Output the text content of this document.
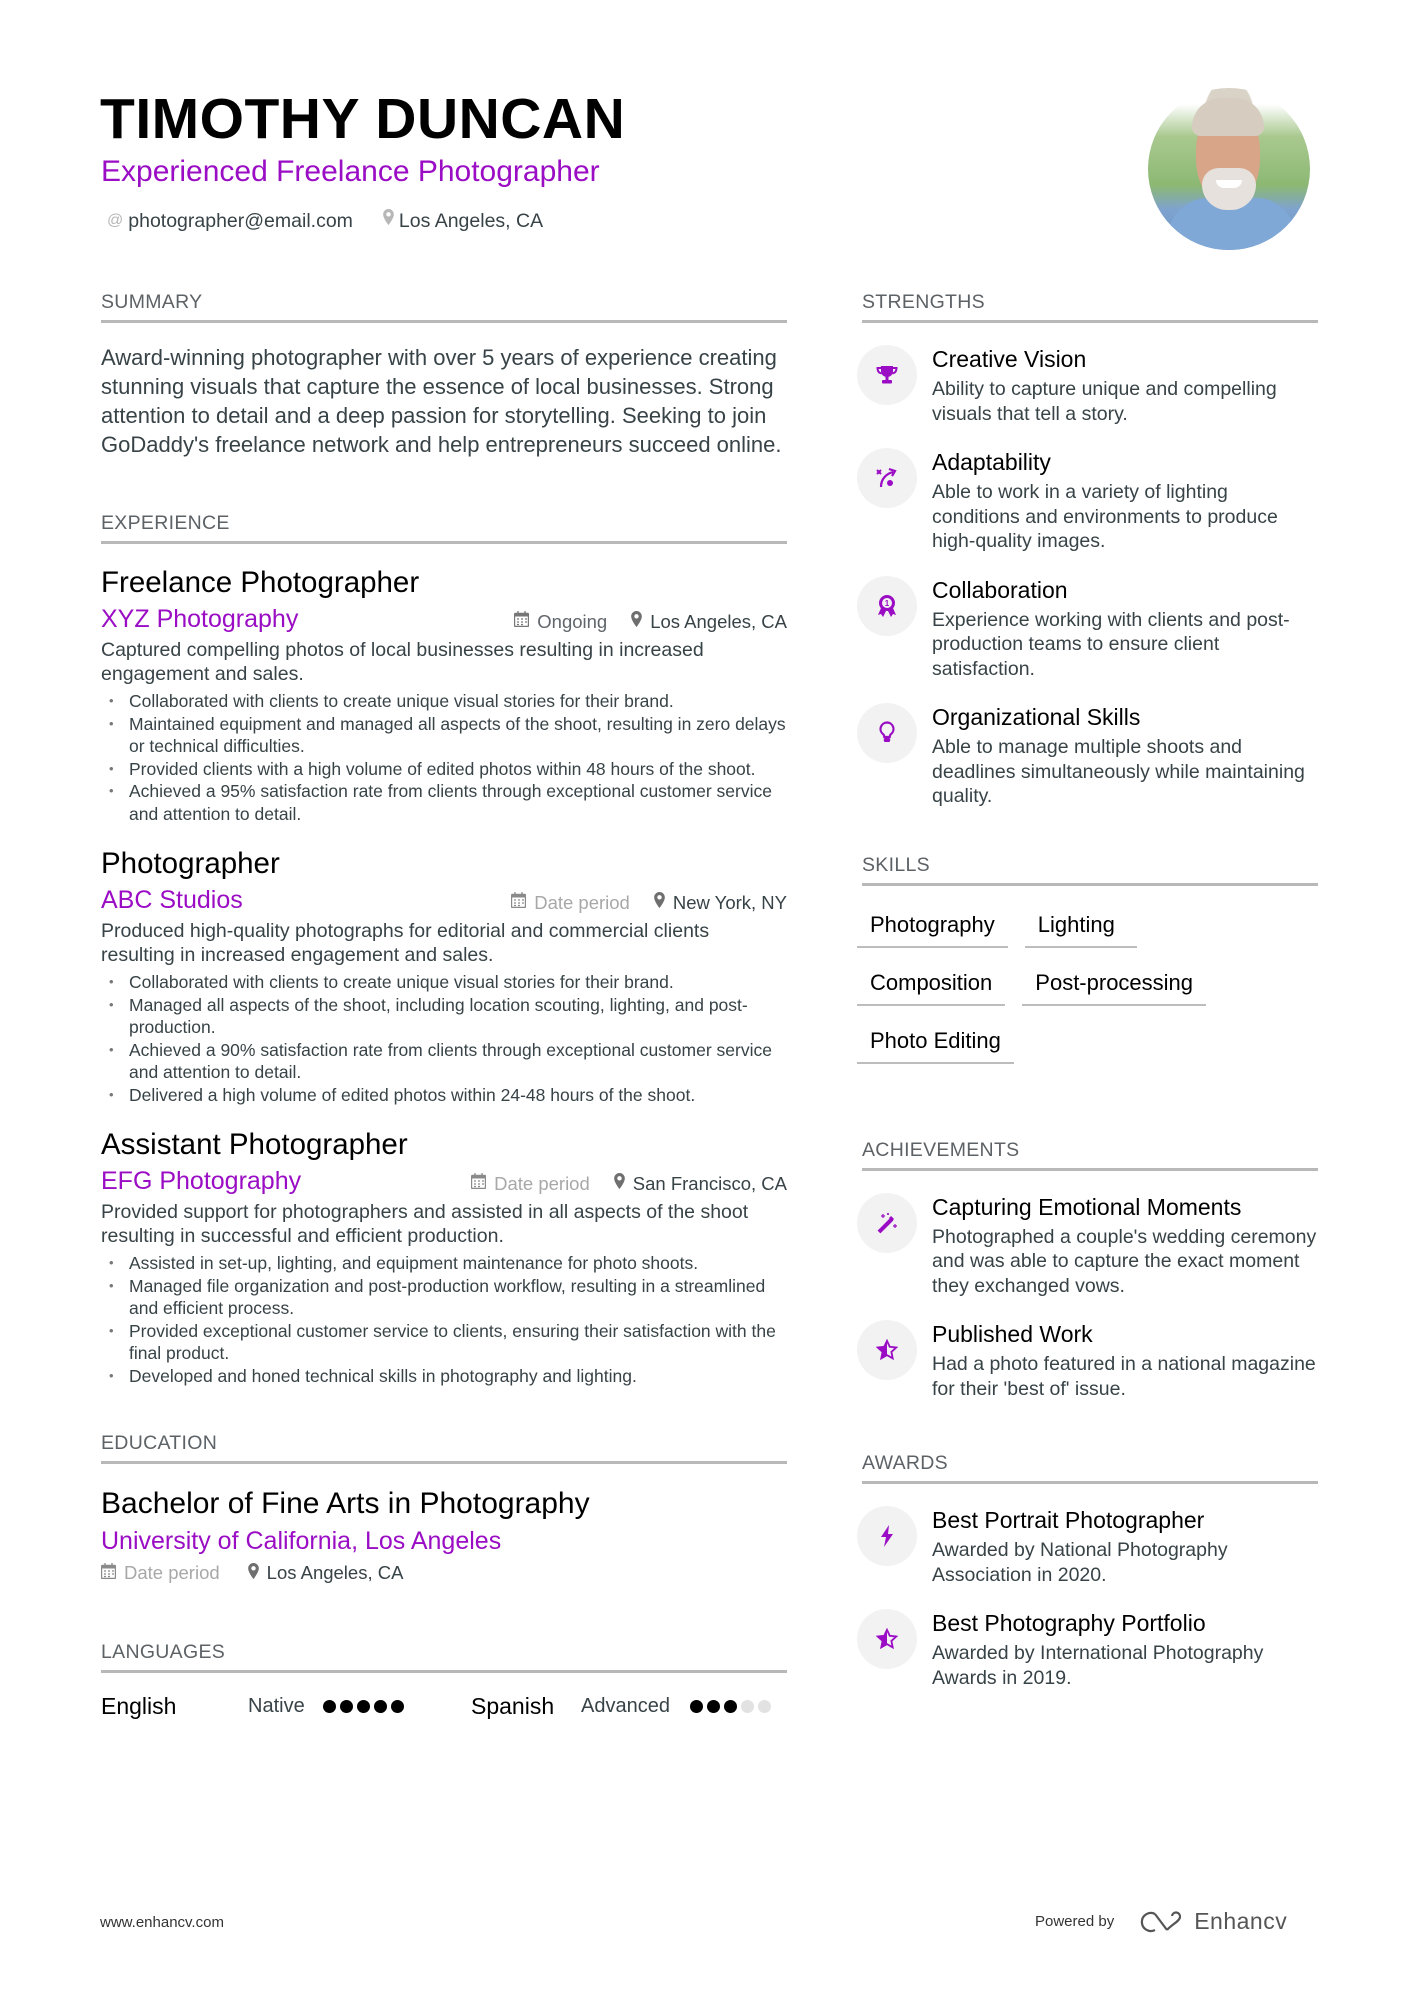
TIMOTHY DUNCAN
Experienced Freelance Photographer
@ photographer@email.com Los Angeles, CA
SUMMARY

Award-winning photographer with over 5 years of experience creating stunning visuals that capture the essence of local businesses. Strong attention to detail and a deep passion for storytelling. Seeking to join GoDaddy's freelance network and help entrepreneurs succeed online.

EXPERIENCE
Freelance Photographer
XYZ Photography	Ongoing Los Angeles, CA
Captured compelling photos of local businesses resulting in increased engagement and sales.
• Collaborated with clients to create unique visual stories for their brand.
• Maintained equipment and managed all aspects of the shoot, resulting in zero delays or technical difficulties.
• Provided clients with a high volume of edited photos within 48 hours of the shoot.
• Achieved a 95% satisfaction rate from clients through exceptional customer service and attention to detail.
Photographer
ABC Studios	Date period New York, NY
Produced high-quality photographs for editorial and commercial clients resulting in increased engagement and sales.
• Collaborated with clients to create unique visual stories for their brand.
• Managed all aspects of the shoot, including location scouting, lighting, and post-production.
• Achieved a 90% satisfaction rate from clients through exceptional customer service and attention to detail.
• Delivered a high volume of edited photos within 24-48 hours of the shoot.
Assistant Photographer
EFG Photography	Date period San Francisco, CA
Provided support for photographers and assisted in all aspects of the shoot resulting in successful and efficient production.
• Assisted in set-up, lighting, and equipment maintenance for photo shoots.
• Managed file organization and post-production workflow, resulting in a streamlined and efficient process.
• Provided exceptional customer service to clients, ensuring their satisfaction with the final product.
• Developed and honed technical skills in photography and lighting.
EDUCATION
Bachelor of Fine Arts in Photography
University of California, Los Angeles
Date period	Los Angeles, CA
LANGUAGES
English	Native	Spanish	Advanced
STRENGTHS
Creative Vision
Ability to capture unique and compelling visuals that tell a story.
Adaptability
Able to work in a variety of lighting conditions and environments to produce high-quality images.
1
Collaboration
Experience working with clients and post-production teams to ensure client satisfaction.
Organizational Skills
Able to manage multiple shoots and deadlines simultaneously while maintaining quality.
SKILLS
Photography	Lighting
Composition	Post-processing
Photo Editing
ACHIEVEMENTS
Capturing Emotional Moments
Photographed a couple's wedding ceremony and was able to capture the exact moment they exchanged vows.
Published Work
Had a photo featured in a national magazine for their 'best of' issue.
AWARDS
Best Portrait Photographer
Awarded by National Photography Association in 2020.
Best Photography Portfolio
Awarded by International Photography Awards in 2019.
www.enhancv.com	Powered by	Enhancv
